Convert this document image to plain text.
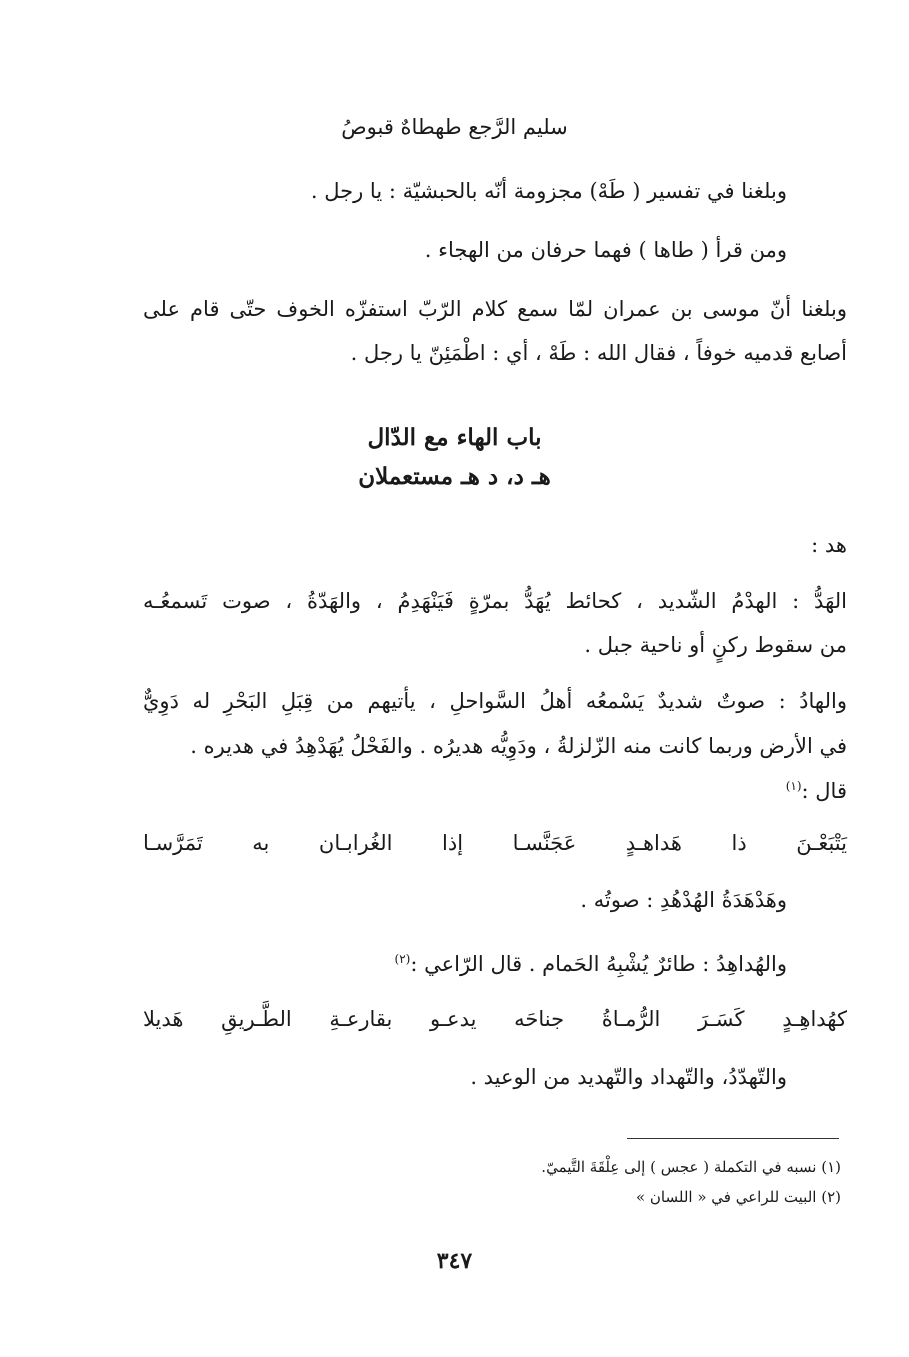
سليم الرَّجع طهطاهٌ قبوصُ
وبلغنا في تفسير ( طَهْ) مجزومة أنّه بالحبشيّة : يا رجل .
ومن قرأ ( طاها ) فهما حرفان من الهجاء .
وبلغنا أنّ موسى بن عمران لمّا سمع كلام الرّبّ استفزّه الخوف حتّى قام على
أصابع قدميه خوفاً ، فقال الله : طَهْ ، أي : اطْمَئِنّ يا رجل .
باب الهاء مع الدّال
هـ د، د هـ مستعملان
هد :
الهَدُّ : الهدْمُ الشّديد ، كحائط يُهَدُّ بمرّةٍ فَيَنْهَدِمُ ، والهَدّةُ ، صوت تَسمعُـه
من سقوط ركنٍ أو ناحية جبل .
والهادُ : صوتٌ شديدٌ يَسْمعُه أهلُ السَّواحلِ ، يأتيهم من قِبَلِ البَحْرِ له دَوِيٌّ
في الأرض وربما كانت منه الزّلزلةُ ، ودَوِيُّه هديرُه . والفَحْلُ يُهَدْهِدُ في هديره .
قال :$^{(١)}$
يَتْبَعْـنَ
ذا
هَداهـدٍ
عَجَنَّسـا
إذا
الغُرابـان
به
تَمَرَّسـا
وهَدْهَدَةُ الهُدْهُدِ : صوتُه .
والهُداهِدُ : طائرٌ يُشْبِهُ الحَمام . قال الرّاعي :$^{(٢)}$
كهُداهِـدٍ
كَسَـرَ
الرُّمـاةُ
جناحَه
يدعـو
بقارعـةِ
الطَّـريقِ
هَديلا
والتّهدّدُ، والتّهداد والتّهديد من الوعيد .
(١) نسبه في التكملة ( عجس ) إلى عِلْقَةَ التَّيميّ.
(٢) البيت للراعي في « اللسان »
٣٤٧
